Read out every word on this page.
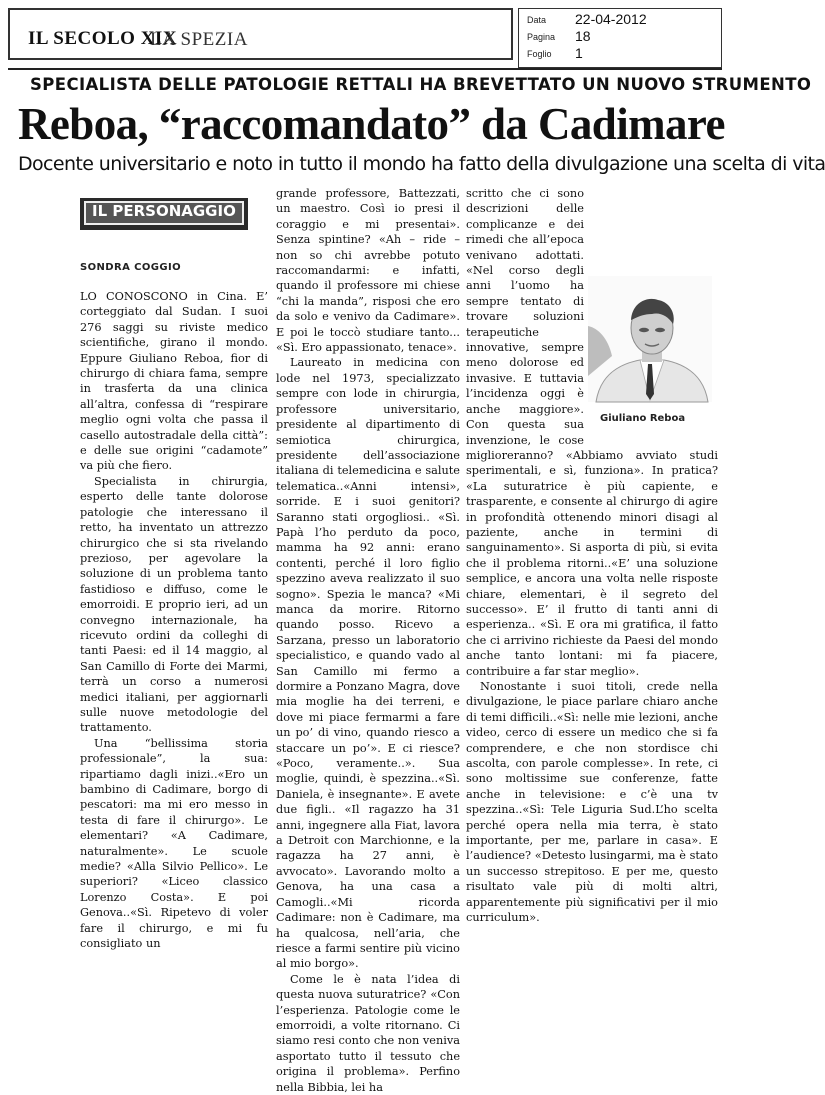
IL SECOLO XIX
LA SPEZIA
Data 22-04-2012
Pagina 18
Foglio 1
SPECIALISTA DELLE PATOLOGIE RETTALI HA BREVETTATO UN NUOVO STRUMENTO
Reboa, “raccomandato” da Cadimare
Docente universitario e noto in tutto il mondo ha fatto della divulgazione una scelta di vita
IL PERSONAGGIO
SONDRA COGGIO

LO CONOSCONO in Cina. E’ corteggiato dal Sudan. I suoi 276 saggi su riviste medico scientifiche, girano il mondo. Eppure Giuliano Reboa, fior di chirurgo di chiara fama, sempre in trasferta da una clinica all’altra, confessa di “respirare meglio ogni volta che passa il casello autostradale della città”: e delle sue origini “cadamote” va più che fiero.

Specialista in chirurgia, esperto delle tante dolorose patologie che interessano il retto, ha inventato un attrezzo chirurgico che si sta rivelando prezioso, per agevolare la soluzione di un problema tanto fastidioso e diffuso, come le emorroidi. E proprio ieri, ad un convegno internazionale, ha ricevuto ordini da colleghi di tanti Paesi: ed il 14 maggio, al San Camillo di Forte dei Marmi, terrà un corso a numerosi medici italiani, per aggiornarli sulle nuove metodologie del trattamento.

Una “bellissima storia professionale”, la sua: ripartiamo dagli inizi..«Ero un bambino di Cadimare, borgo di pescatori: ma mi ero messo in testa di fare il chirurgo». Le elementari? «A Cadimare, naturalmente». Le scuole medie? «Alla Silvio Pellico». Le superiori? «Liceo classico Lorenzo Costa». E poi Genova..«Sì. Ripetevo di voler fare il chirurgo, e mi fu consigliato un

grande professore, Battezzati, un maestro. Così io presi il coraggio e mi presentai». Senza spintine? «Ah – ride – non so chi avrebbe potuto raccomandarmi: e infatti, quando il professore mi chiese “chi la manda”, risposi che ero da solo e venivo da Cadimare». E poi le toccò studiare tanto... «Sì. Ero appassionato, tenace».

Laureato in medicina con lode nel 1973, specializzato sempre con lode in chirurgia, professore universitario, presidente al dipartimento di semiotica chirurgica, presidente dell’associazione italiana di telemedicina e salute telematica..«Anni intensi», sorride. E i suoi genitori? Saranno stati orgogliosi.. «Sì. Papà l’ho perduto da poco, mamma ha 92 anni: erano contenti, perché il loro figlio spezzino aveva realizzato il suo sogno». Spezia le manca? «Mi manca da morire. Ritorno quando posso. Ricevo a Sarzana, presso un laboratorio specialistico, e quando vado al San Camillo mi fermo a dormire a Ponzano Magra, dove mia moglie ha dei terreni, e dove mi piace fermarmi a fare un po’ di vino, quando riesco a staccare un po’». E ci riesce? «Poco, veramente..». Sua moglie, quindi, è spezzina..«Sì. Daniela, è insegnante». E avete due figli.. «Il ragazzo ha 31 anni, ingegnere alla Fiat, lavora a Detroit con Marchionne, e la ragazza ha 27 anni, è avvocato». Lavorando molto a Genova, ha una casa a Camogli..«Mi ricorda Cadimare: non è Cadimare, ma ha qualcosa, nell’aria, che riesce a farmi sentire più vicino al mio borgo».

Come le è nata l’idea di questa nuova suturatrice? «Con l’esperienza. Patologie come le emorroidi, a volte ritornano. Ci siamo resi conto che non veniva asportato tutto il tessuto che origina il problema». Perfino nella Bibbia, lei ha

scritto che ci sono descrizioni delle complicanze e dei rimedi che all’epoca venivano adottati. «Nel corso degli anni l’uomo ha sempre tentato di trovare soluzioni terapeutiche innovative, sempre meno dolorose ed invasive. E tuttavia l’incidenza oggi è anche maggiore». Con questa sua invenzione, le cose miglioreranno? «Abbiamo avviato studi sperimentali, e sì, funziona». In pratica? «La suturatrice è più capiente, e trasparente, e consente al chirurgo di agire in profondità ottenendo minori disagi al paziente, anche in termini di sanguinamento». Si asporta di più, si evita che il problema ritorni..«E’ una soluzione semplice, e ancora una volta nelle risposte chiare, elementari, è il segreto del successo». E’ il frutto di tanti anni di esperienza.. «Sì. E ora mi gratifica, il fatto che ci arrivino richieste da Paesi del mondo anche tanto lontani: mi fa piacere, contribuire a far star meglio».

Nonostante i suoi titoli, crede nella divulgazione, le piace parlare chiaro anche di temi difficili..«Sì: nelle mie lezioni, anche video, cerco di essere un medico che si fa comprendere, e che non stordisce chi ascolta, con parole complesse». In rete, ci sono moltissime sue conferenze, fatte anche in televisione: e c’è una tv spezzina..«Sì: Tele Liguria Sud.L’ho scelta perché opera nella mia terra, è stato importante, per me, parlare in casa». E l’audience? «Detesto lusingarmi, ma è stato un successo strepitoso. E per me, questo risultato vale più di molti altri, apparentemente più significativi per il mio curriculum».

Giuliano Reboa
